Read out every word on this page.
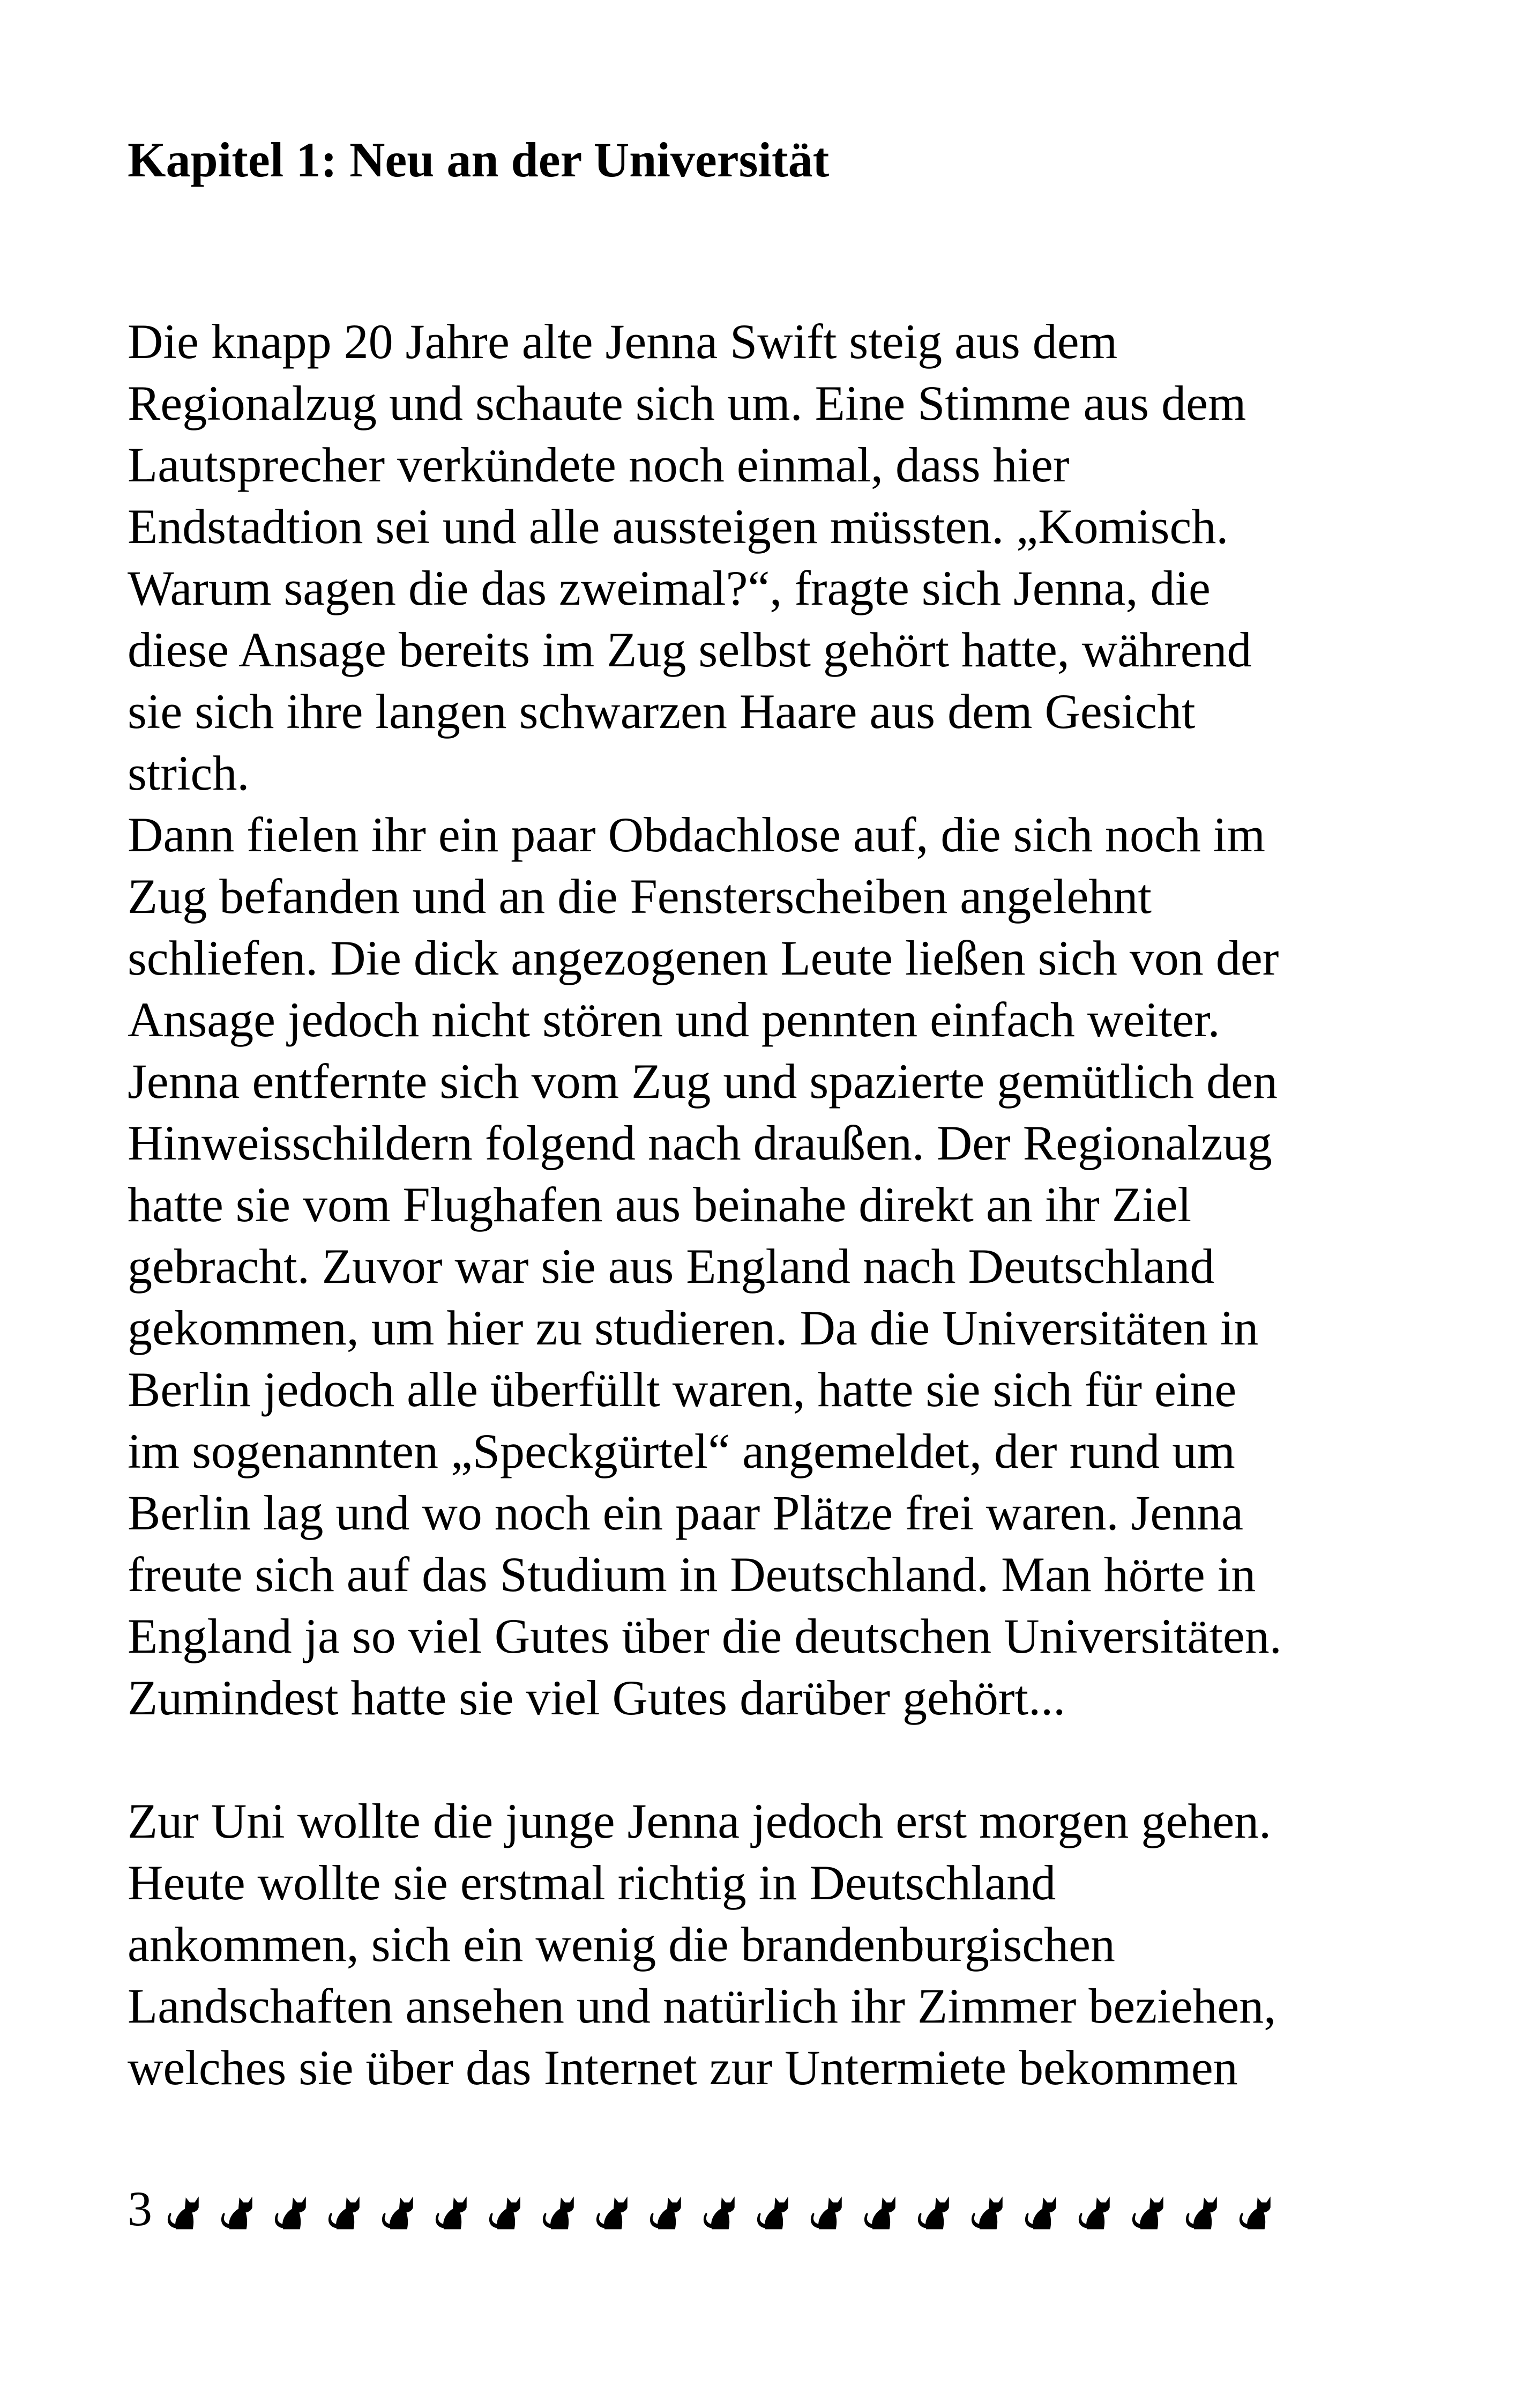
Kapitel 1: Neu an der Universität
Die knapp 20 Jahre alte Jenna Swift steig aus dem
Regionalzug und schaute sich um. Eine Stimme aus dem
Lautsprecher verkündete noch einmal, dass hier
Endstadtion sei und alle aussteigen müssten. „Komisch.
Warum sagen die das zweimal?“, fragte sich Jenna, die
diese Ansage bereits im Zug selbst gehört hatte, während
sie sich ihre langen schwarzen Haare aus dem Gesicht
strich.
Dann fielen ihr ein paar Obdachlose auf, die sich noch im
Zug befanden und an die Fensterscheiben angelehnt
schliefen. Die dick angezogenen Leute ließen sich von der
Ansage jedoch nicht stören und pennten einfach weiter.
Jenna entfernte sich vom Zug und spazierte gemütlich den
Hinweisschildern folgend nach draußen. Der Regionalzug
hatte sie vom Flughafen aus beinahe direkt an ihr Ziel
gebracht. Zuvor war sie aus England nach Deutschland
gekommen, um hier zu studieren. Da die Universitäten in
Berlin jedoch alle überfüllt waren, hatte sie sich für eine
im sogenannten „Speckgürtel“ angemeldet, der rund um
Berlin lag und wo noch ein paar Plätze frei waren. Jenna
freute sich auf das Studium in Deutschland. Man hörte in
England ja so viel Gutes über die deutschen Universitäten.
Zumindest hatte sie viel Gutes darüber gehört...
Zur Uni wollte die junge Jenna jedoch erst morgen gehen.
Heute wollte sie erstmal richtig in Deutschland
ankommen, sich ein wenig die brandenburgischen
Landschaften ansehen und natürlich ihr Zimmer beziehen,
welches sie über das Internet zur Untermiete bekommen
3
